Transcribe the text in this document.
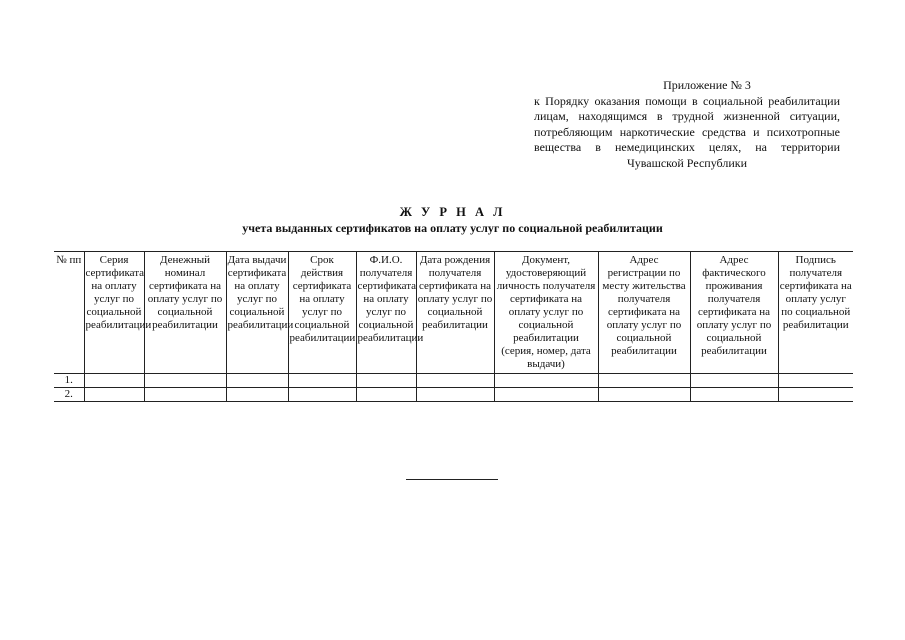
Приложение № 3
к Порядку оказания помощи в социальной реабилитации лицам, находящимся в трудной жизненной ситуации, потребляющим наркотические средства и психотропные вещества в немедицинских целях, на территории Чувашской Республики
Ж У Р Н А Л
учета выданных сертификатов на оплату услуг по социальной реабилитации
№ пп	Серия сертификата на оплату услуг по социальной реабилитации	Денежный номинал сертификата на оплату услуг по социальной реабилитации	Дата выдачи сертификата на оплату услуг по социальной реабилитации	Срок действия сертификата на оплату услуг по социальной реабилитации	Ф.И.О. получателя сертификата на оплату услуг по социальной реабилитации	Дата рождения получателя сертификата на оплату услуг по социальной реабилитации	Документ, удостоверяющий личность получателя сертификата на оплату услуг по социальной реабилитации (серия, номер, дата выдачи)	Адрес регистрации по месту жительства получателя сертификата на оплату услуг по социальной реабилитации	Адрес фактического проживания получателя сертификата на оплату услуг по социальной реабилитации	Подпись получателя сертификата на оплату услуг по социальной реабилитации
1.										
2.										
